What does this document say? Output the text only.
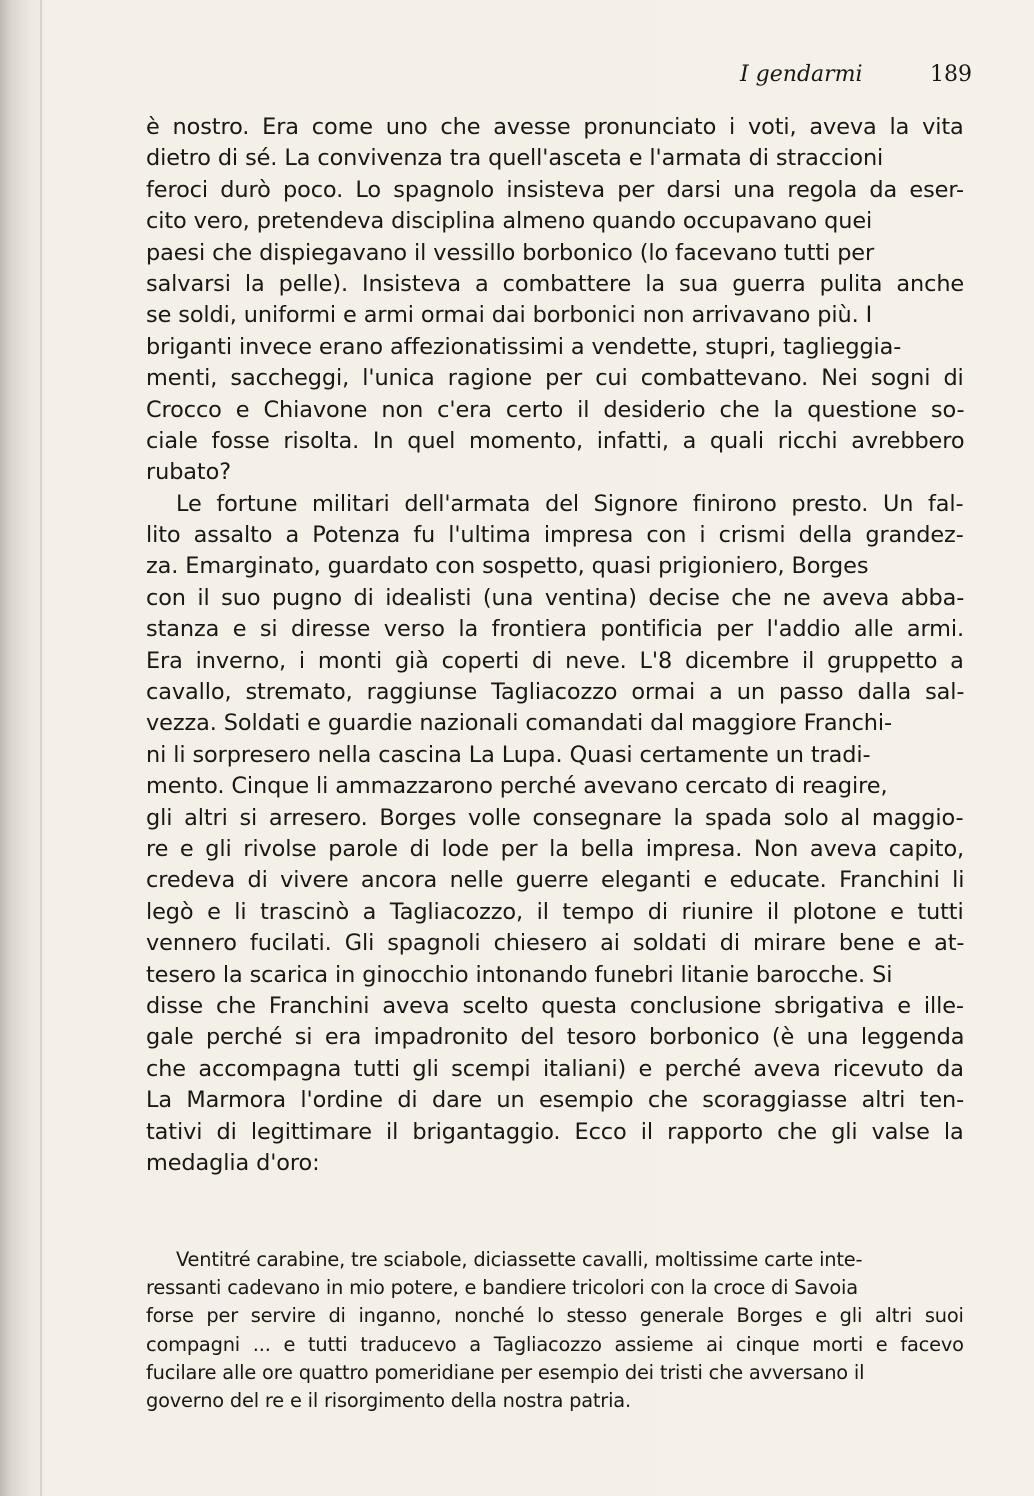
I gendarmi	189
è nostro. Era come uno che avesse pronunciato i voti, aveva la vita
dietro di sé. La convivenza tra quell'asceta e l'armata di straccioni
feroci durò poco. Lo spagnolo insisteva per darsi una regola da eser-
cito vero, pretendeva disciplina almeno quando occupavano quei
paesi che dispiegavano il vessillo borbonico (lo facevano tutti per
salvarsi la pelle). Insisteva a combattere la sua guerra pulita anche
se soldi, uniformi e armi ormai dai borbonici non arrivavano più. I
briganti invece erano affezionatissimi a vendette, stupri, taglieggia-
menti, saccheggi, l'unica ragione per cui combattevano. Nei sogni di
Crocco e Chiavone non c'era certo il desiderio che la questione so-
ciale fosse risolta. In quel momento, infatti, a quali ricchi avrebbero
rubato?
Le fortune militari dell'armata del Signore finirono presto. Un fal-
lito assalto a Potenza fu l'ultima impresa con i crismi della grandez-
za. Emarginato, guardato con sospetto, quasi prigioniero, Borges
con il suo pugno di idealisti (una ventina) decise che ne aveva abba-
stanza e si diresse verso la frontiera pontificia per l'addio alle armi.
Era inverno, i monti già coperti di neve. L'8 dicembre il gruppetto a
cavallo, stremato, raggiunse Tagliacozzo ormai a un passo dalla sal-
vezza. Soldati e guardie nazionali comandati dal maggiore Franchi-
ni li sorpresero nella cascina La Lupa. Quasi certamente un tradi-
mento. Cinque li ammazzarono perché avevano cercato di reagire,
gli altri si arresero. Borges volle consegnare la spada solo al maggio-
re e gli rivolse parole di lode per la bella impresa. Non aveva capito,
credeva di vivere ancora nelle guerre eleganti e educate. Franchini li
legò e li trascinò a Tagliacozzo, il tempo di riunire il plotone e tutti
vennero fucilati. Gli spagnoli chiesero ai soldati di mirare bene e at-
tesero la scarica in ginocchio intonando funebri litanie barocche. Si
disse che Franchini aveva scelto questa conclusione sbrigativa e ille-
gale perché si era impadronito del tesoro borbonico (è una leggenda
che accompagna tutti gli scempi italiani) e perché aveva ricevuto da
La Marmora l'ordine di dare un esempio che scoraggiasse altri ten-
tativi di legittimare il brigantaggio. Ecco il rapporto che gli valse la
medaglia d'oro:
Ventitré carabine, tre sciabole, diciassette cavalli, moltissime carte inte-
ressanti cadevano in mio potere, e bandiere tricolori con la croce di Savoia
forse per servire di inganno, nonché lo stesso generale Borges e gli altri suoi
compagni ... e tutti traducevo a Tagliacozzo assieme ai cinque morti e facevo
fucilare alle ore quattro pomeridiane per esempio dei tristi che avversano il
governo del re e il risorgimento della nostra patria.
